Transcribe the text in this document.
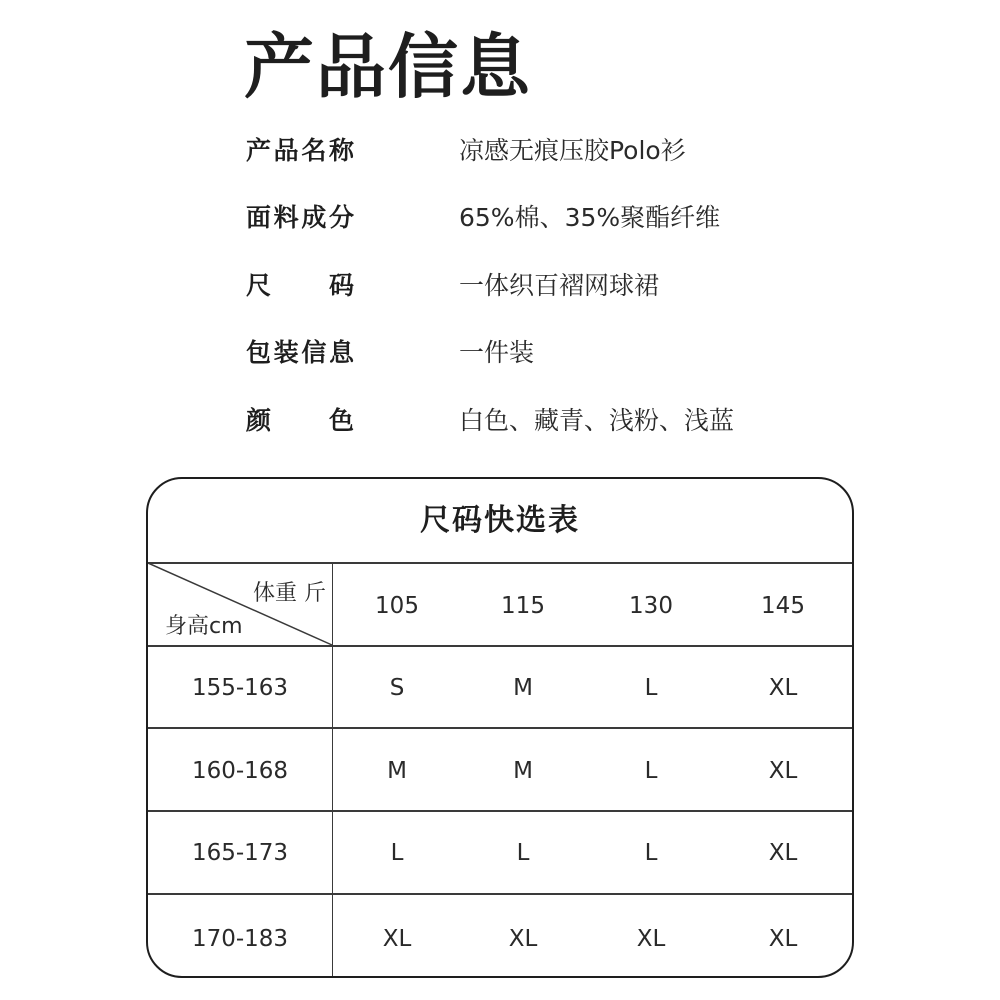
产品信息
产品名称	凉感无痕压胶Polo衫
面料成分	65%棉、35%聚酯纤维
尺码	一体织百褶网球裙
包装信息	一件装
颜色	白色、藏青、浅粉、浅蓝
尺码快选表
体重 斤
身高cm
105	115	130	145
155-163	S	M	L	XL
160-168	M	M	L	XL
165-173	L	L	L	XL
170-183	XL	XL	XL	XL
